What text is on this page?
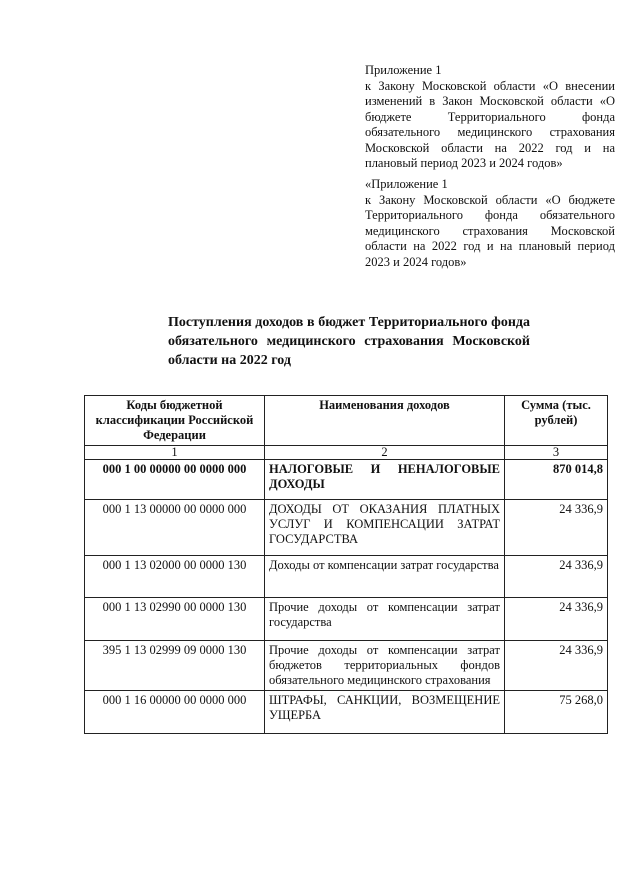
Приложение 1

к Закону Московской области «О внесении изменений в Закон Московской области «О бюджете Территориального фонда обязательного медицинского страхования Московской области на 2022 год и на плановый период 2023 и 2024 годов»

«Приложение 1

к Закону Московской области «О бюджете Территориального фонда обязательного медицинского страхования Московской области на 2022 год и на плановый период 2023 и 2024 годов»

Поступления доходов в бюджет Территориального фонда обязательного медицинского страхования Московской области на 2022 год

Коды бюджетной классификации Российской Федерации	Наименования доходов	Сумма (тыс. рублей)
1	2	3
000 1 00 00000 00 0000 000	НАЛОГОВЫЕ И НЕНАЛОГОВЫЕ ДОХОДЫ	870 014,8
000 1 13 00000 00 0000 000	ДОХОДЫ ОТ ОКАЗАНИЯ ПЛАТНЫХ УСЛУГ И КОМПЕНСАЦИИ ЗАТРАТ ГОСУДАРСТВА	24 336,9
000 1 13 02000 00 0000 130	Доходы от компенсации затрат государства	24 336,9
000 1 13 02990 00 0000 130	Прочие доходы от компенсации затрат государства	24 336,9
395 1 13 02999 09 0000 130	Прочие доходы от компенсации затрат бюджетов территориальных фондов обязательного медицинского страхования	24 336,9
000 1 16 00000 00 0000 000	ШТРАФЫ, САНКЦИИ, ВОЗМЕЩЕНИЕ УЩЕРБА	75 268,0
